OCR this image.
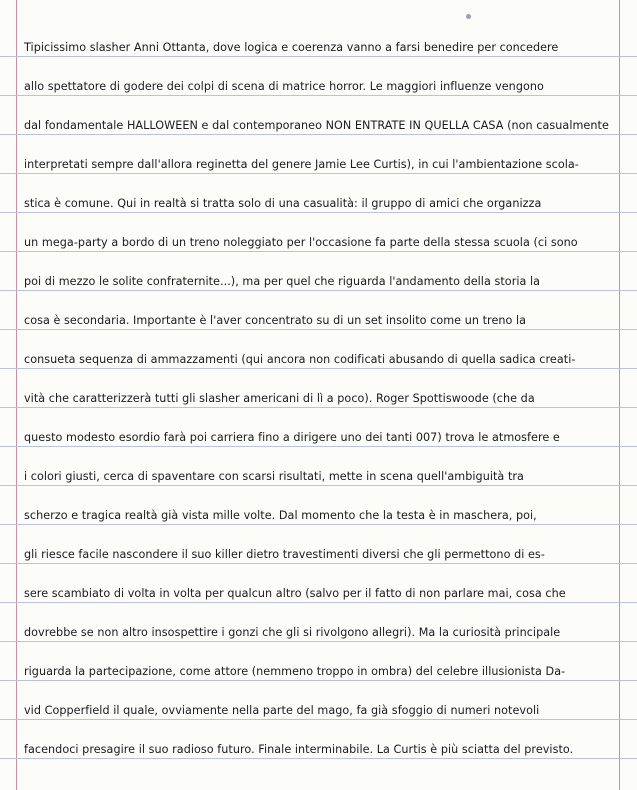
Tipicissimo slasher Anni Ottanta, dove logica e coerenza vanno a farsi benedire per concedere
allo spettatore di godere dei colpi di scena di matrice horror. Le maggiori influenze vengono
dal fondamentale HALLOWEEN e dal contemporaneo NON ENTRATE IN QUELLA CASA (non casualmente
interpretati sempre dall'allora reginetta del genere Jamie Lee Curtis), in cui l'ambientazione scola-
stica è comune. Qui in realtà si tratta solo di una casualità: il gruppo di amici che organizza
un mega-party a bordo di un treno noleggiato per l'occasione fa parte della stessa scuola (ci sono
poi di mezzo le solite confraternite...), ma per quel che riguarda l'andamento della storia la
cosa è secondaria. Importante è l'aver concentrato su di un set insolito come un treno la
consueta sequenza di ammazzamenti (qui ancora non codificati abusando di quella sadica creati-
vità che caratterizzerà tutti gli slasher americani di lì a poco). Roger Spottiswoode (che da
questo modesto esordio farà poi carriera fino a dirigere uno dei tanti 007) trova le atmosfere e
i colori giusti, cerca di spaventare con scarsi risultati, mette in scena quell'ambiguità tra
scherzo e tragica realtà già vista mille volte. Dal momento che la testa è in maschera, poi,
gli riesce facile nascondere il suo killer dietro travestimenti diversi che gli permettono di es-
sere scambiato di volta in volta per qualcun altro (salvo per il fatto di non parlare mai, cosa che
dovrebbe se non altro insospettire i gonzi che gli si rivolgono allegri). Ma la curiosità principale
riguarda la partecipazione, come attore (nemmeno troppo in ombra) del celebre illusionista Da-
vid Copperfield il quale, ovviamente nella parte del mago, fa già sfoggio di numeri notevoli
facendoci presagire il suo radioso futuro. Finale interminabile. La Curtis è più sciatta del previsto.
